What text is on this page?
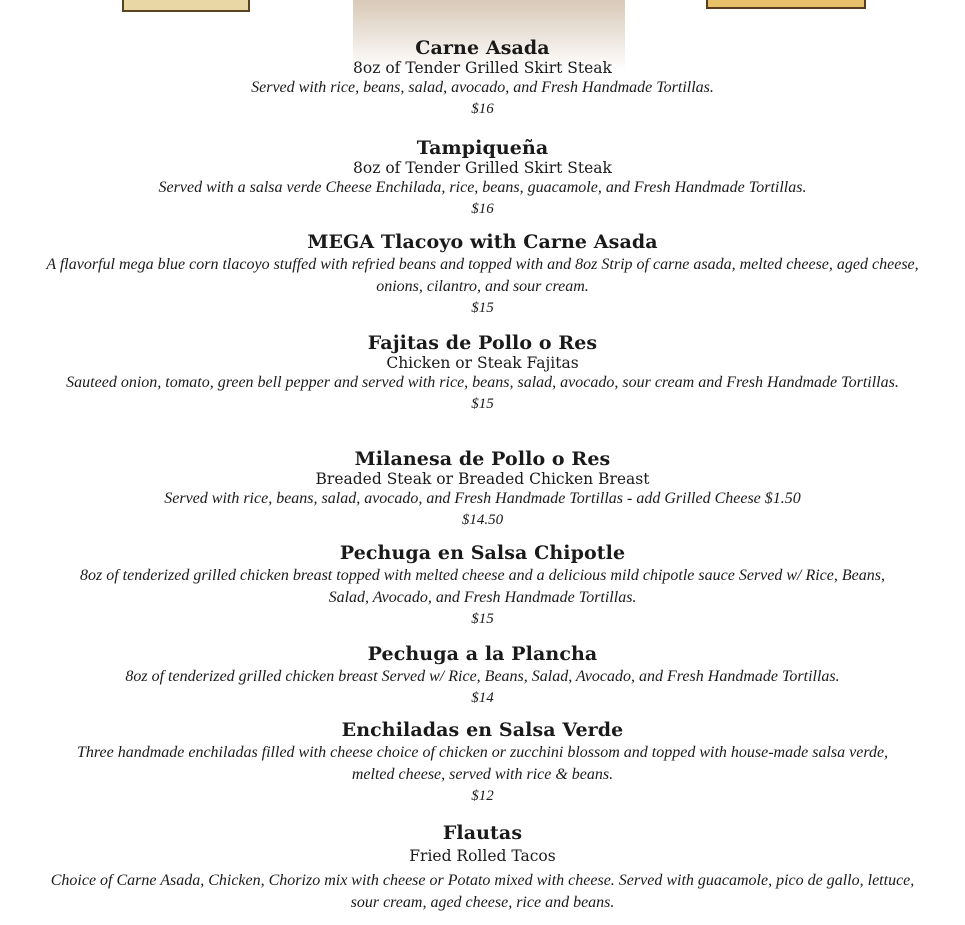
Carne Asada
8oz of Tender Grilled Skirt Steak
Served with rice, beans, salad, avocado, and Fresh Handmade Tortillas.
$16
Tampiqueña
8oz of Tender Grilled Skirt Steak
Served with a salsa verde Cheese Enchilada, rice, beans, guacamole, and Fresh Handmade Tortillas.
$16
MEGA Tlacoyo with Carne Asada
A flavorful mega blue corn tlacoyo stuffed with refried beans and topped with and 8oz Strip of carne asada, melted cheese, aged cheese, onions, cilantro, and sour cream.
$15
Fajitas de Pollo o Res
Chicken or Steak Fajitas
Sauteed onion, tomato, green bell pepper and served with rice, beans, salad, avocado, sour cream and Fresh Handmade Tortillas.
$15
Milanesa de Pollo o Res
Breaded Steak or Breaded Chicken Breast
Served with rice, beans, salad, avocado, and Fresh Handmade Tortillas - add Grilled Cheese $1.50
$14.50
Pechuga en Salsa Chipotle
8oz of tenderized grilled chicken breast topped with melted cheese and a delicious mild chipotle sauce Served w/ Rice, Beans, Salad, Avocado, and Fresh Handmade Tortillas.
$15
Pechuga a la Plancha
8oz of tenderized grilled chicken breast Served w/ Rice, Beans, Salad, Avocado, and Fresh Handmade Tortillas.
$14
Enchiladas en Salsa Verde
Three handmade enchiladas filled with cheese choice of chicken or zucchini blossom and topped with house-made salsa verde, melted cheese, served with rice & beans.
$12
Flautas
Fried Rolled Tacos
Choice of Carne Asada, Chicken, Chorizo mix with cheese or Potato mixed with cheese. Served with guacamole, pico de gallo, lettuce, sour cream, aged cheese, rice and beans.
